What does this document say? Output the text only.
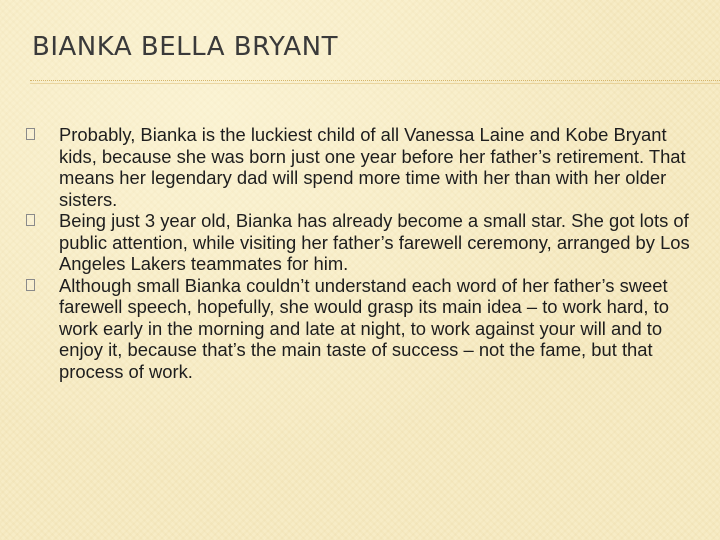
BIANKA BELLA BRYANT
Probably, Bianka is the luckiest child of all Vanessa Laine and Kobe Bryant kids, because she was born just one year before her father’s retirement. That means her legendary dad will spend more time with her than with her older sisters.
Being just 3 year old, Bianka has already become a small star. She got lots of public attention, while visiting her father’s farewell ceremony, arranged by Los Angeles Lakers teammates for him.
Although small Bianka couldn’t understand each word of her father’s sweet farewell speech, hopefully, she would grasp its main idea – to work hard, to work early in the morning and late at night, to work against your will and to enjoy it, because that’s the main taste of success – not the fame, but that process of work.
